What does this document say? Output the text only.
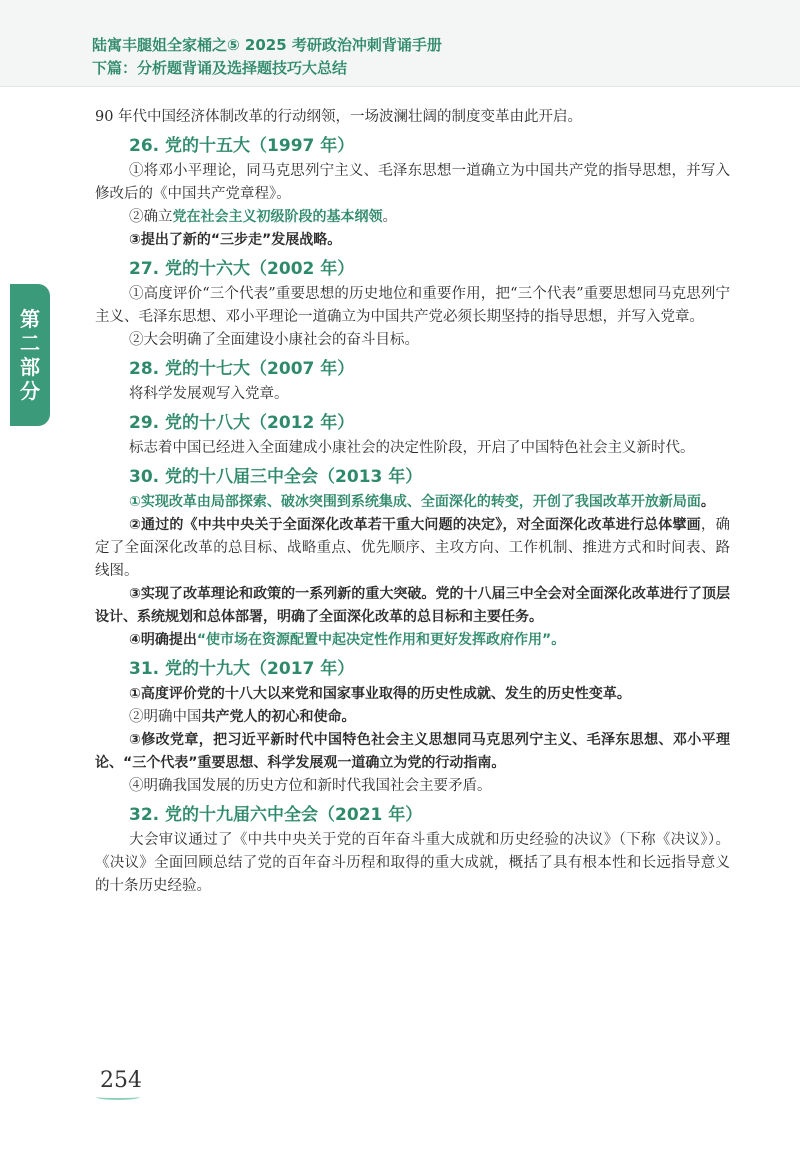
陆寓丰腿姐全家桶之⑤ 2025 考研政治冲刺背诵手册
下篇：分析题背诵及选择题技巧大总结
第
二
部
分

90 年代中国经济体制改革的行动纲领，一场波澜壮阔的制度变革由此开启。

26. 党的十五大（1997 年）

①将邓小平理论，同马克思列宁主义、毛泽东思想一道确立为中国共产党的指导思想，并写入修改后的《中国共产党章程》。

②确立党在社会主义初级阶段的基本纲领。

③提出了新的“三步走”发展战略。

27. 党的十六大（2002 年）

①高度评价“三个代表”重要思想的历史地位和重要作用，把“三个代表”重要思想同马克思列宁主义、毛泽东思想、邓小平理论一道确立为中国共产党必须长期坚持的指导思想，并写入党章。

②大会明确了全面建设小康社会的奋斗目标。

28. 党的十七大（2007 年）

将科学发展观写入党章。

29. 党的十八大（2012 年）

标志着中国已经进入全面建成小康社会的决定性阶段，开启了中国特色社会主义新时代。

30. 党的十八届三中全会（2013 年）

①实现改革由局部探索、破冰突围到系统集成、全面深化的转变，开创了我国改革开放新局面。

②通过的《中共中央关于全面深化改革若干重大问题的决定》，对全面深化改革进行总体擘画，确定了全面深化改革的总目标、战略重点、优先顺序、主攻方向、工作机制、推进方式和时间表、路线图。

③实现了改革理论和政策的一系列新的重大突破。党的十八届三中全会对全面深化改革进行了顶层设计、系统规划和总体部署，明确了全面深化改革的总目标和主要任务。

④明确提出“使市场在资源配置中起决定性作用和更好发挥政府作用”。

31. 党的十九大（2017 年）

①高度评价党的十八大以来党和国家事业取得的历史性成就、发生的历史性变革。

②明确中国共产党人的初心和使命。

③修改党章，把习近平新时代中国特色社会主义思想同马克思列宁主义、毛泽东思想、邓小平理论、“三个代表”重要思想、科学发展观一道确立为党的行动指南。

④明确我国发展的历史方位和新时代我国社会主要矛盾。

32. 党的十九届六中全会（2021 年）

大会审议通过了《中共中央关于党的百年奋斗重大成就和历史经验的决议》（下称《决议》）。《决议》全面回顾总结了党的百年奋斗历程和取得的重大成就，概括了具有根本性和长远指导意义的十条历史经验。

254
